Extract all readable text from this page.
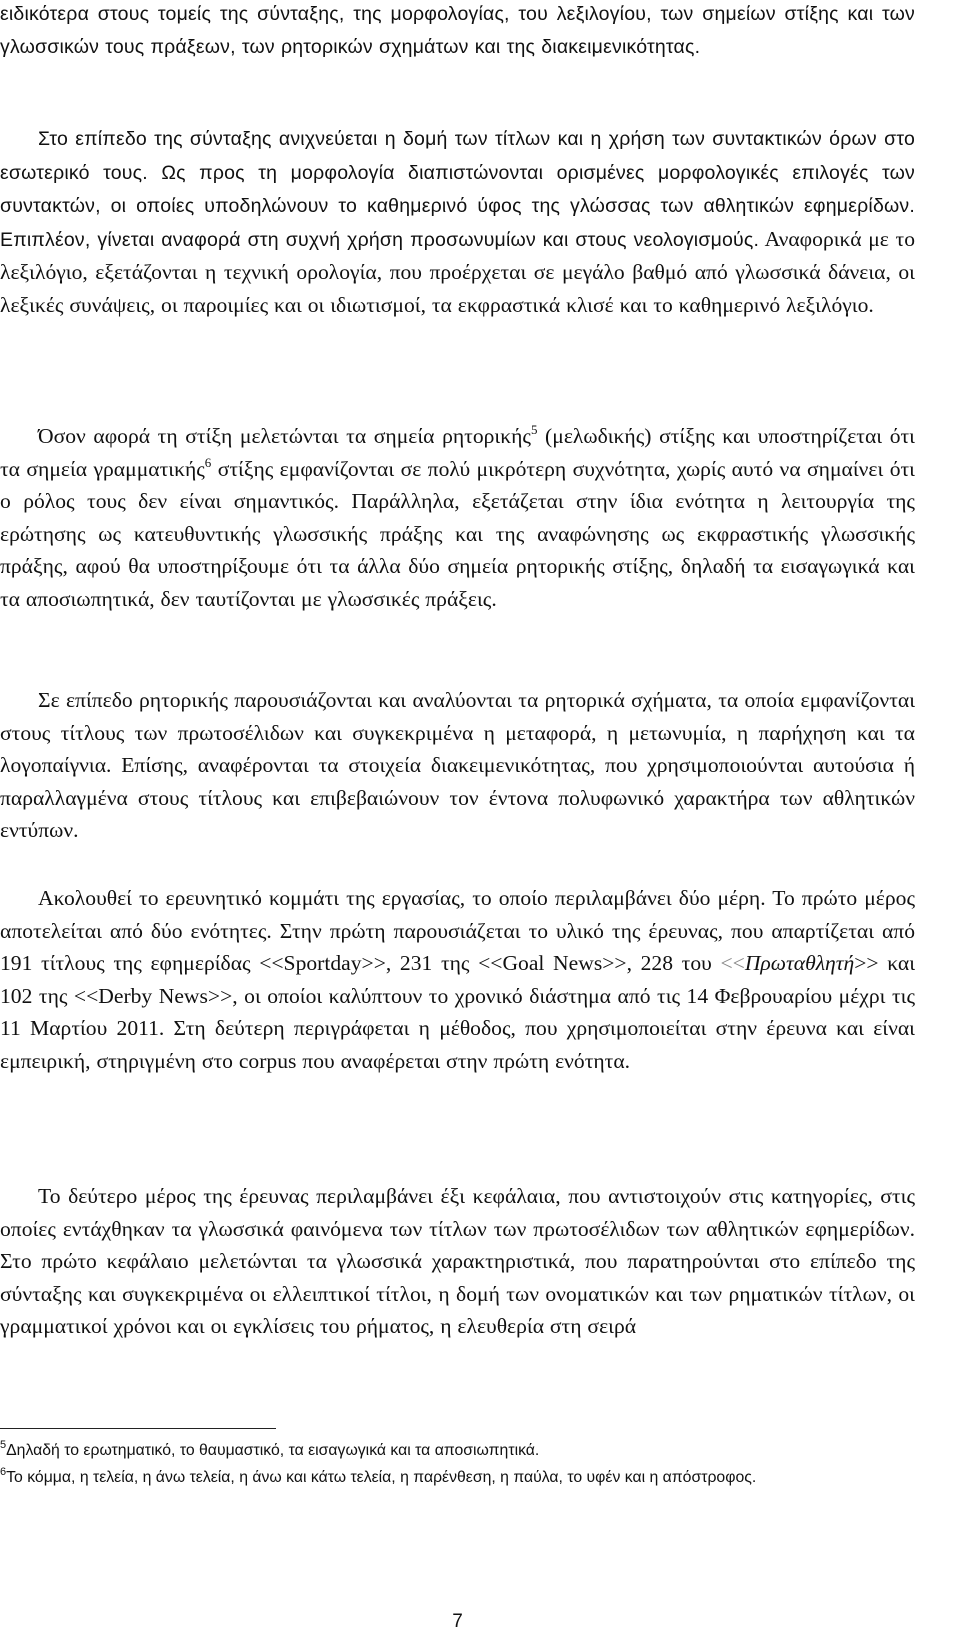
ειδικότερα στους τομείς της σύνταξης, της μορφολογίας, του λεξιλογίου, των σημείων στίξης και των γλωσσικών τους πράξεων, των ρητορικών σχημάτων και της διακειμενικότητας.

Στο επίπεδο της σύνταξης ανιχνεύεται η δομή των τίτλων και η χρήση των συντακτικών όρων στο εσωτερικό τους. Ως προς τη μορφολογία διαπιστώνονται ορισμένες μορφολογικές επιλογές των συντακτών, οι οποίες υποδηλώνουν το καθημερινό ύφος της γλώσσας των αθλητικών εφημερίδων. Επιπλέον, γίνεται αναφορά στη συχνή χρήση προσωνυμίων και στους νεολογισμούς. Αναφορικά με το λεξιλόγιο, εξετάζονται η τεχνική ορολογία, που προέρχεται σε μεγάλο βαθμό από γλωσσικά δάνεια, οι λεξικές συνάψεις, οι παροιμίες και οι ιδιωτισμοί, τα εκφραστικά κλισέ και το καθημερινό λεξιλόγιο.

Όσον αφορά τη στίξη μελετώνται τα σημεία ρητορικής$^5$ (μελωδικής) στίξης και υποστηρίζεται ότι τα σημεία γραμματικής$^6$ στίξης εμφανίζονται σε πολύ μικρότερη συχνότητα, χωρίς αυτό να σημαίνει ότι ο ρόλος τους δεν είναι σημαντικός. Παράλληλα, εξετάζεται στην ίδια ενότητα η λειτουργία της ερώτησης ως κατευθυντικής γλωσσικής πράξης και της αναφώνησης ως εκφραστικής γλωσσικής πράξης, αφού θα υποστηρίξουμε ότι τα άλλα δύο σημεία ρητορικής στίξης, δηλαδή τα εισαγωγικά και τα αποσιωπητικά, δεν ταυτίζονται με γλωσσικές πράξεις.

Σε επίπεδο ρητορικής παρουσιάζονται και αναλύονται τα ρητορικά σχήματα, τα οποία εμφανίζονται στους τίτλους των πρωτοσέλιδων και συγκεκριμένα η μεταφορά, η μετωνυμία, η παρήχηση και τα λογοπαίγνια. Επίσης, αναφέρονται τα στοιχεία διακειμενικότητας, που χρησιμοποιούνται αυτούσια ή παραλλαγμένα στους τίτλους και επιβεβαιώνουν τον έντονα πολυφωνικό χαρακτήρα των αθλητικών εντύπων.

Ακολουθεί το ερευνητικό κομμάτι της εργασίας, το οποίο περιλαμβάνει δύο μέρη. Το πρώτο μέρος αποτελείται από δύο ενότητες. Στην πρώτη παρουσιάζεται το υλικό της έρευνας, που απαρτίζεται από 191 τίτλους της εφημερίδας <<Sportday>>, 231 της <<Goal News>>, 228 του <<Πρωταθλητή>> και 102 της <<Derby News>>, οι οποίοι καλύπτουν το χρονικό διάστημα από τις 14 Φεβρουαρίου μέχρι τις 11 Μαρτίου 2011. Στη δεύτερη περιγράφεται η μέθοδος, που χρησιμοποιείται στην έρευνα και είναι εμπειρική, στηριγμένη στο corpus που αναφέρεται στην πρώτη ενότητα.

Το δεύτερο μέρος της έρευνας περιλαμβάνει έξι κεφάλαια, που αντιστοιχούν στις κατηγορίες, στις οποίες εντάχθηκαν τα γλωσσικά φαινόμενα των τίτλων των πρωτοσέλιδων των αθλητικών εφημερίδων. Στο πρώτο κεφάλαιο μελετώνται τα γλωσσικά χαρακτηριστικά, που παρατηρούνται στο επίπεδο της σύνταξης και συγκεκριμένα οι ελλειπτικοί τίτλοι, η δομή των ονοματικών και των ρηματικών τίτλων, οι γραμματικοί χρόνοι και οι εγκλίσεις του ρήματος, η ελευθερία στη σειρά

$^5$Δηλαδή το ερωτηματικό, το θαυμαστικό, τα εισαγωγικά και τα αποσιωπητικά.

$^6$Το κόμμα, η τελεία, η άνω τελεία, η άνω και κάτω τελεία, η παρένθεση, η παύλα, το υφέν και η απόστροφος.

7
